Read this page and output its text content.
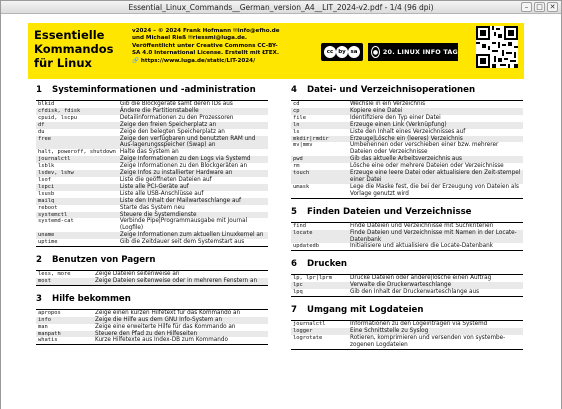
Essential_Linux_Commands__German_version_A4__LIT_2024-v2.pdf - 1/4 (96 dpi)	–	□ ✕
Essentielle
Kommandos
für Linux
v2024 – © 2024 Frank Hofmann ✉info@efho.de
und Michael Rieß ✉riessmi@luga.de.
Veröffentlicht unter Creative Commons CC-BY-
SA 4.0 International License. Erstellt mit ŁTEX.
🔗 https://www.luga.de/static/LIT-2024/
cc by sa	● 20. LINUX INFO TAG
1	Systeminformationen und -administration
blkid	Gib die Blockgeräte samt deren IDs aus
cfdisk, fdisk	Ändere die Partitionstabelle
cpuid, lscpu	Detailinformationen zu den Prozessoren
df	Zeige den freien Speicherplatz an
du	Zeige den belegten Speicherplatz an
free	Zeige den verfügbaren und benutzten RAM und Aus-lagerungsspeicher (Swap) an
halt, poweroff, shutdown	Halte das System an
journalctl	Zeige Informationen zu den Logs via Systemd
lsblk	Zeige Informationen zu den Blockgeräten an
lsdev, lshw	Zeige Infos zu installierter Hardware an
lsof	Liste die geöffneten Dateien auf
lspci	Liste alle PCI-Geräte auf
lsusb	Liste alle USB-Anschlüsse auf
mailq	Liste den Inhalt der Mailwarteschlange auf
reboot	Starte das System neu
systemctl	Steuere die Systemdienste
systemd-cat	Verbinde Pipe|Programmausgabe mit Journal (Logfile)
uname	Zeige Informationen zum aktuellen Linuxkernel an
uptime	Gib die Zeitdauer seit dem Systemstart aus
2	Benutzen von Pagern
less, more	Zeige Dateien seitenweise an
most	Zeige Dateien seitenweise oder in mehreren Fenstern an
3	Hilfe bekommen
apropos	Zeige einen kurzen Hilfetext für das Kommando an
info	Zeige die Hilfe aus dem GNU Info-System an
man	Zeige eine erweiterte Hilfe für das Kommando an
manpath	Steuere den Pfad zu den Hilfeseiten
whatis	Kurze Hilfetexte aus Index-DB zum Kommando
4	Datei- und Verzeichnisoperationen
cd	Wechsle in ein Verzeichnis
cp	Kopiere eine Datei
file	Identifiziere den Typ einer Datei
ln	Erzeuge einen Link (Verknüpfung)
ls	Liste den Inhalt eines Verzeichnisses auf
mkdir|rmdir	Erzeuge|Lösche ein (leeres) Verzeichnis
mv|mmv	Umbenennen oder verschieben einer bzw. mehrerer Dateien oder Verzeichnisse
pwd	Gib das aktuelle Arbeitsverzeichnis aus
rm	Lösche eine oder mehrere Dateien oder Verzeichnisse
touch	Erzeuge eine leere Datei oder aktualisiere den Zeit-stempel einer Datei
umask	Lege die Maske fest, die bei der Erzeugung von Dateien als Vorlage genutzt wird
5	Finden Dateien und Verzeichnisse
find	Finde Dateien und Verzeichnisse mit Suchkriterien
locate	Finde Dateien und Verzeichnisse mit Namen in der Locate-Datenbank
updatedb	Initialisiere und aktualisiere die Locate-Datenbank
6	Drucken
lp, lpr|lprm	Drucke Dateien oder andere|lösche einen Auftrag
lpc	Verwalte die Druckerwarteschlange
lpq	Gib den Inhalt der Druckerwarteschlange aus
7	Umgang mit Logdateien
journalctl	Informationen zu den Logeinträgen via Systemd
logger	Eine Schnittstelle zu Syslog
logrotate	Rotieren, komprimieren und versenden von systembe-zogenen Logdateien
